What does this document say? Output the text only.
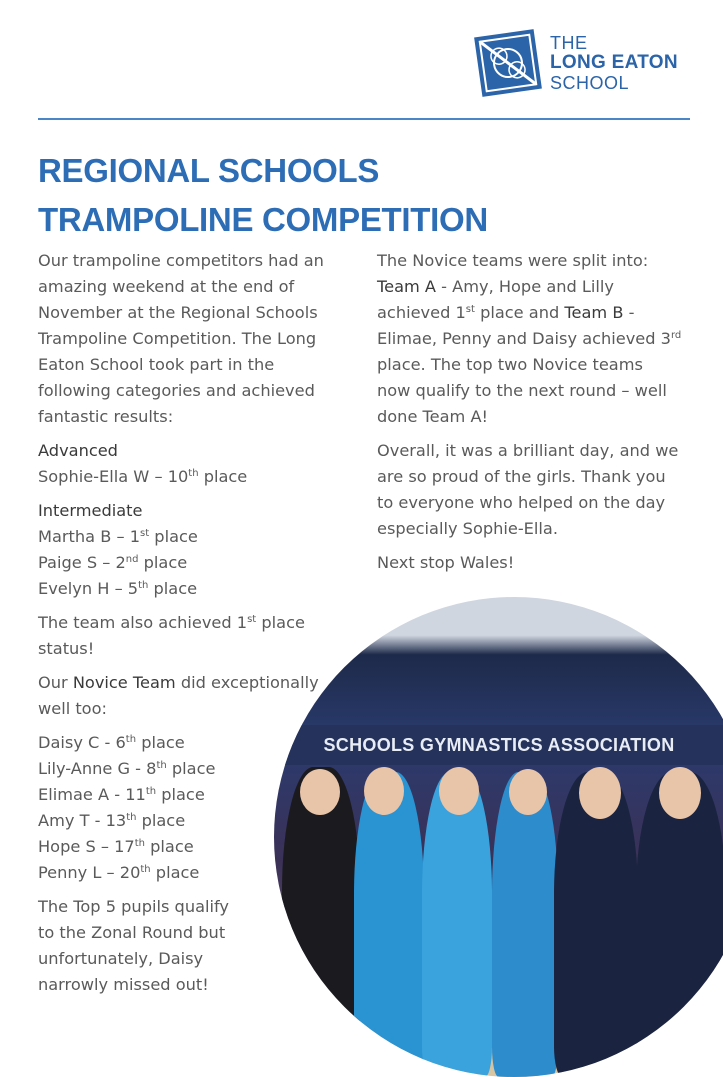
THE
LONG EATON
SCHOOL
REGIONAL SCHOOLS
TRAMPOLINE COMPETITION

Our trampoline competitors had an
amazing weekend at the end of
November at the Regional Schools
Trampoline Competition. The Long
Eaton School took part in the
following categories and achieved
fantastic results:

Advanced
Sophie-Ella W – 10th place

Intermediate
Martha B – 1st place
Paige S – 2nd place
Evelyn H – 5th place

The team also achieved 1st place
status!

Our Novice Team did exceptionally
well too:

Daisy C - 6th place
Lily-Anne G - 8th place
Elimae A - 11th place
Amy T - 13th place
Hope S – 17th place
Penny L – 20th place

The Top 5 pupils qualify
to the Zonal Round but
unfortunately, Daisy
narrowly missed out!

The Novice teams were split into:
Team A - Amy, Hope and Lilly
achieved 1st place and Team B -
Elimae, Penny and Daisy achieved 3rd
place. The top two Novice teams
now qualify to the next round – well
done Team A!

Overall, it was a brilliant day, and we
are so proud of the girls. Thank you
to everyone who helped on the day
especially Sophie-Ella.

Next stop Wales!

SCHOOLS GYMNASTICS ASSOCIATION
